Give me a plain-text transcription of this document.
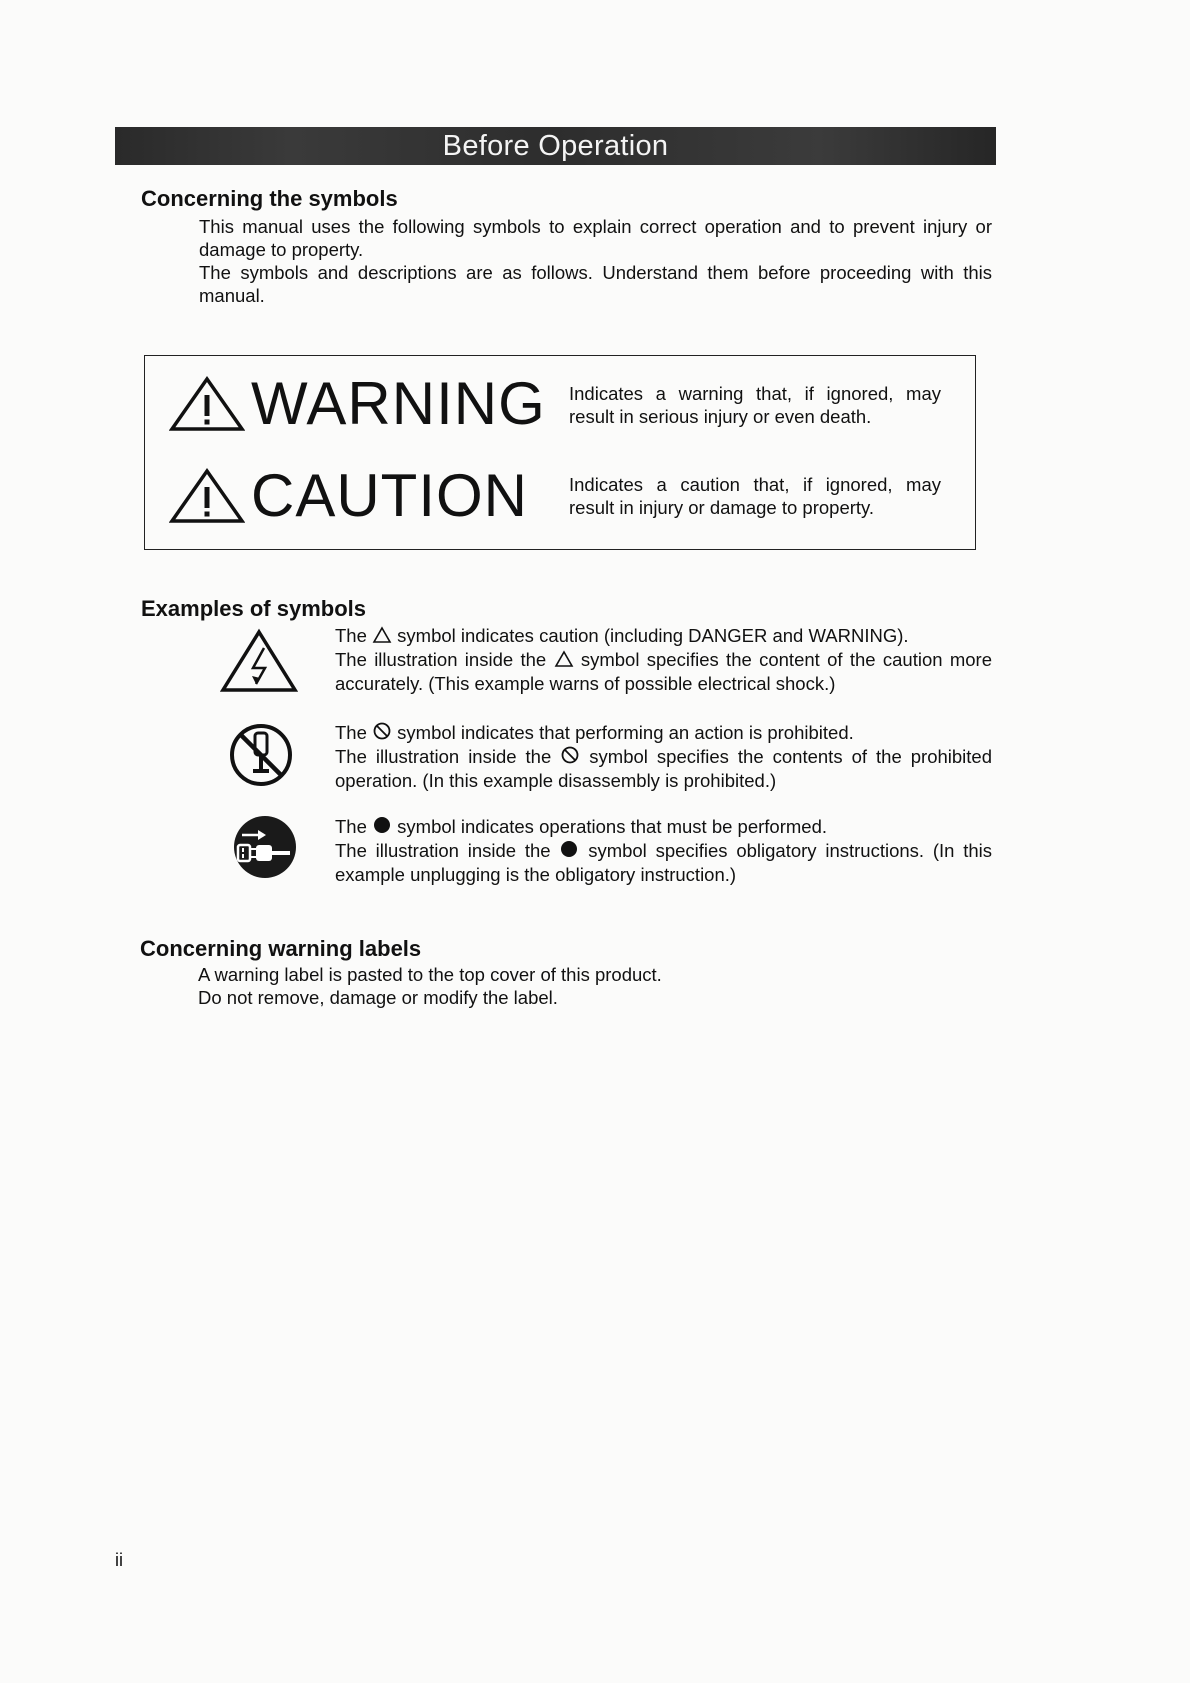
Before Operation
Concerning the symbols

This manual uses the following symbols to explain correct operation and to prevent injury or damage to property.

The symbols and descriptions are as follows. Understand them before proceeding with this manual.

WARNING Indicates a warning that, if ignored, may result in serious injury or even death.
CAUTION Indicates a caution that, if ignored, may result in injury or damage to property.
Examples of symbols

The symbol indicates caution (including DANGER and WARNING).

The illustration inside the symbol specifies the content of the caution more accurately. (This example warns of possible electrical shock.)

The symbol indicates that performing an action is prohibited.

The illustration inside the symbol specifies the contents of the prohibited operation. (In this example disassembly is prohibited.)

The symbol indicates operations that must be performed.

The illustration inside the symbol specifies obligatory instructions. (In this example unplugging is the obligatory instruction.)

Concerning warning labels

A warning label is pasted to the top cover of this product.

Do not remove, damage or modify the label.

ii
